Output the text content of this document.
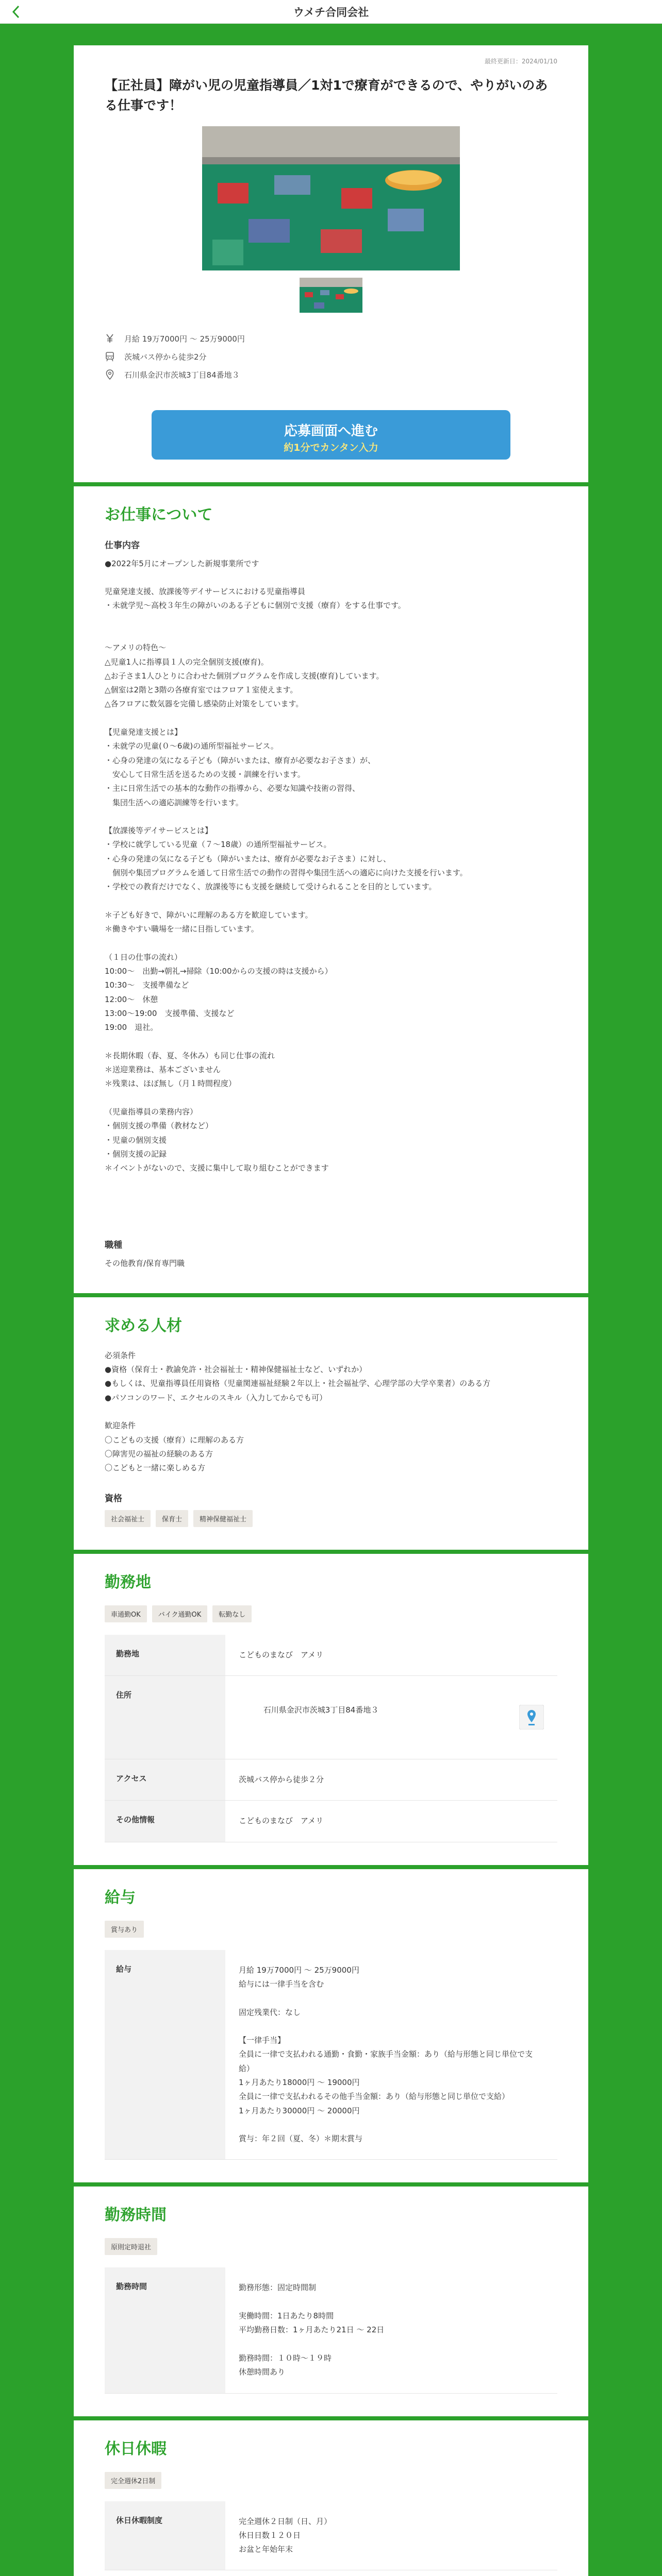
ウメチ合同会社
最終更新日：2024/01/10
【正社員】障がい児の児童指導員／1対1で療育ができるので、やりがいのある仕事です！
月給 19万7000円 ～ 25万9000円
茨城バス停から徒歩2分
石川県金沢市茨城3丁目84番地３
応募画面へ進む
約1分でカンタン入力
お仕事について
仕事内容
●2022年5月にオープンした新規事業所です

児童発達支援、放課後等デイサービスにおける児童指導員
・未就学児～高校３年生の障がいのある子どもに個別で支援（療育）をする仕事です。

～アメリの特色～
△児童1人に指導員１人の完全個別支援(療育)。
△お子さま1人ひとりに合わせた個別プログラムを作成し支援(療育)しています。
△個室は2階と3階の各療育室ではフロア１室使えます。
△各フロアに数気器を完備し感染防止対策をしています。

【児童発達支援とは】
・未就学の児童(０～6歳)の通所型福祉サービス。
・心身の発達の気になる子ども（障がいまたは、療育が必要なお子さま）が、
　安心して日常生活を送るための支援・訓練を行います。
・主に日常生活での基本的な動作の指導から、必要な知識や技術の習得、
　集団生活への適応訓練等を行います。

【放課後等デイサービスとは】
・学校に就学している児童（７～18歳）の通所型福祉サービス。
・心身の発達の気になる子ども（障がいまたは、療育が必要なお子さま）に対し、
　個別や集団プログラムを通して日常生活での動作の習得や集団生活への適応に向けた支援を行います。
・学校での教育だけでなく、放課後等にも支援を継続して受けられることを目的としています。

＊子ども好きで、障がいに理解のある方を歓迎しています。
＊働きやすい職場を一緒に目指しています。

（１日の仕事の流れ）
10:00～　出勤→朝礼→掃除（10:00からの支援の時は支援から）
10:30～　支援準備など
12:00～　休憩
13:00～19:00　支援準備、支援など
19:00　退社。

＊長期休暇（春、夏、冬休み）も同じ仕事の流れ
＊送迎業務は、基本ございません
＊残業は、ほぼ無し（月１時間程度）

（児童指導員の業務内容）
・個別支援の準備（教材など）
・児童の個別支援
・個別支援の記録
＊イベントがないので、支援に集中して取り組むことができます
職種
その他教育/保育専門職
求める人材
必須条件
●資格（保育士・教諭免許・社会福祉士・精神保健福祉士など、いずれか）
●もしくは、児童指導員任用資格（児童関連福祉経験２年以上・社会福祉学、心理学部の大学卒業者）のある方
●パソコンのワード、エクセルのスキル（入力してからでも可）

歓迎条件
〇こどもの支援（療育）に理解のある方
〇障害児の福祉の経験のある方
〇こどもと一緒に楽しめる方
資格
社会福祉士	保育士	精神保健福祉士
勤務地
車通勤OK	バイク通勤OK	転勤なし
勤務地	こどものまなび　アメリ
住所	石川県金沢市茨城3丁目84番地３

アクセス	茨城バス停から徒歩２分
その他情報	こどものまなび　アメリ
給与
賞与あり
給与	月給 19万7000円 ～ 25万9000円
給与には一律手当を含む

固定残業代：なし

【一律手当】
全員に一律で支払われる通勤・食勤・家族手当金額：あり（給与形態と同じ単位で支給）
1ヶ月あたり18000円 ～ 19000円
全員に一律で支払われるその他手当金額：あり（給与形態と同じ単位で支給）
1ヶ月あたり30000円 ～ 20000円

賞与：年２回（夏、冬）＊期末賞与
勤務時間
原則定時退社
勤務時間	勤務形態：固定時間制

実働時間：1日あたり8時間
平均勤務日数：1ヶ月あたり21日 ～ 22日

勤務時間：１０時～１９時
休憩時間あり
休日休暇
完全週休2日制
休日休暇制度	完全週休２日制（日、月）
休日日数１２０日
お盆と年始年末
